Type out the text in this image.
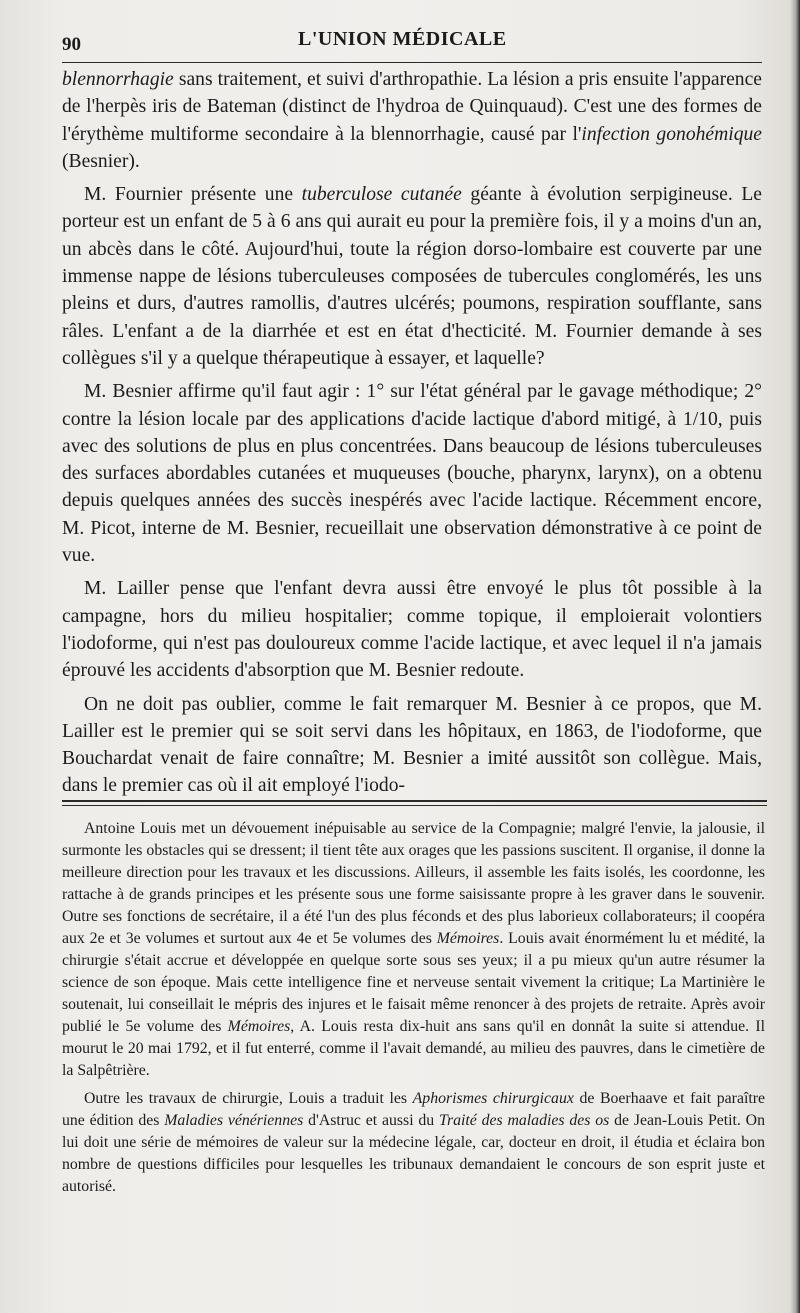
90	L'UNION MÉDICALE

blennorrhagie sans traitement, et suivi d'arthropathie. La lésion a pris ensuite l'apparence de l'herpès iris de Bateman (distinct de l'hydroa de Quinquaud). C'est une des formes de l'érythème multiforme secondaire à la blennorrhagie, causé par l'infection gonohémique (Besnier).

M. Fournier présente une tuberculose cutanée géante à évolution serpigineuse. Le porteur est un enfant de 5 à 6 ans qui aurait eu pour la première fois, il y a moins d'un an, un abcès dans le côté. Aujourd'hui, toute la région dorso-lombaire est couverte par une immense nappe de lésions tuberculeuses composées de tubercules conglomérés, les uns pleins et durs, d'autres ramollis, d'autres ulcérés; poumons, respiration soufflante, sans râles. L'enfant a de la diarrhée et est en état d'hecticité. M. Fournier demande à ses collègues s'il y a quelque thérapeutique à essayer, et laquelle?

M. Besnier affirme qu'il faut agir : 1° sur l'état général par le gavage méthodique; 2° contre la lésion locale par des applications d'acide lactique d'abord mitigé, à 1/10, puis avec des solutions de plus en plus concentrées. Dans beaucoup de lésions tuberculeuses des surfaces abordables cutanées et muqueuses (bouche, pharynx, larynx), on a obtenu depuis quelques années des succès inespérés avec l'acide lactique. Récemment encore, M. Picot, interne de M. Besnier, recueillait une observation démonstrative à ce point de vue.

M. Lailler pense que l'enfant devra aussi être envoyé le plus tôt possible à la campagne, hors du milieu hospitalier; comme topique, il emploierait volontiers l'iodoforme, qui n'est pas douloureux comme l'acide lactique, et avec lequel il n'a jamais éprouvé les accidents d'absorption que M. Besnier redoute.

On ne doit pas oublier, comme le fait remarquer M. Besnier à ce propos, que M. Lailler est le premier qui se soit servi dans les hôpitaux, en 1863, de l'iodoforme, que Bouchardat venait de faire connaître; M. Besnier a imité aussitôt son collègue. Mais, dans le premier cas où il ait employé l'iodo-

Antoine Louis met un dévouement inépuisable au service de la Compagnie; malgré l'envie, la jalousie, il surmonte les obstacles qui se dressent; il tient tête aux orages que les passions suscitent. Il organise, il donne la meilleure direction pour les travaux et les discussions. Ailleurs, il assemble les faits isolés, les coordonne, les rattache à de grands principes et les présente sous une forme saisissante propre à les graver dans le souvenir. Outre ses fonctions de secrétaire, il a été l'un des plus féconds et des plus laborieux collaborateurs; il coopéra aux 2e et 3e volumes et surtout aux 4e et 5e volumes des Mémoires. Louis avait énormément lu et médité, la chirurgie s'était accrue et développée en quelque sorte sous ses yeux; il a pu mieux qu'un autre résumer la science de son époque. Mais cette intelligence fine et nerveuse sentait vivement la critique; La Martinière le soutenait, lui conseillait le mépris des injures et le faisait même renoncer à des projets de retraite. Après avoir publié le 5e volume des Mémoires, A. Louis resta dix-huit ans sans qu'il en donnât la suite si attendue. Il mourut le 20 mai 1792, et il fut enterré, comme il l'avait demandé, au milieu des pauvres, dans le cimetière de la Salpêtrière.

Outre les travaux de chirurgie, Louis a traduit les Aphorismes chirurgicaux de Boerhaave et fait paraître une édition des Maladies vénériennes d'Astruc et aussi du Traité des maladies des os de Jean-Louis Petit. On lui doit une série de mémoires de valeur sur la médecine légale, car, docteur en droit, il étudia et éclaira bon nombre de questions difficiles pour lesquelles les tribunaux demandaient le concours de son esprit juste et autorisé.
